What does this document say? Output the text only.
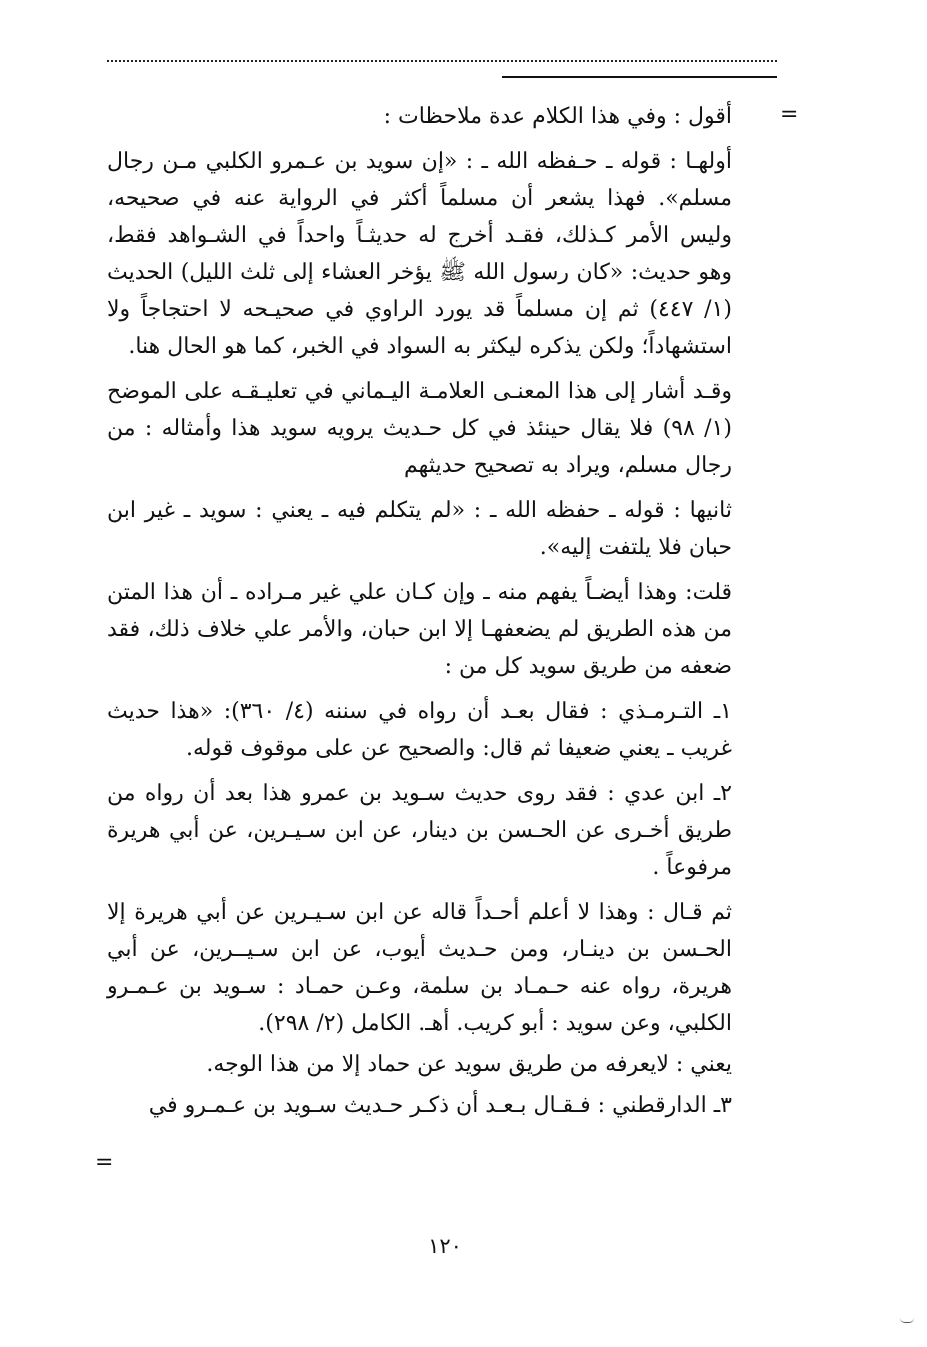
=

أقول : وفي هذا الكلام عدة ملاحظات :

أولهـا : قوله ـ حـفظه الله ـ : «إن سويد بن عـمرو الكلبي مـن رجال مسلم». فهذا يشعر أن مسلماً أكثر في الرواية عنه في صحيحه، وليس الأمر كـذلك، فقـد أخرج له حديثـاً واحداً في الشـواهد فقط، وهو حديث: «كان رسول الله ﷺ يؤخر العشاء إلى ثلث الليل) الحديث (١/ ٤٤٧) ثم إن مسلماً قد يورد الراوي في صحيـحه لا احتجاجاً ولا استشهاداً؛ ولكن يذكره ليكثر به السواد في الخبر، كما هو الحال هنا.

وقـد أشار إلى هذا المعنـى العلامـة اليـماني في تعليـقـه على الموضح (١/ ٩٨) فلا يقال حينئذ في كل حـديث يرويه سويد هذا وأمثاله : من رجال مسلم، ويراد به تصحيح حديثهم

ثانيها : قوله ـ حفظه الله ـ : «لم يتكلم فيه ـ يعني : سويد ـ غير ابن حبان فلا يلتفت إليه».

قلت: وهذا أيضـاً يفهم منه ـ وإن كـان علي غير مـراده ـ أن هذا المتن من هذه الطريق لم يضعفهـا إلا ابن حبان، والأمر علي خلاف ذلك، فقد ضعفه من طريق سويد كل من :

١ـ التـرمـذي : فقال بعـد أن رواه في سننه (٤/ ٣٦٠): «هذا حديث غريب ـ يعني ضعيفا ثم قال: والصحيح عن على موقوف قوله.

٢ـ ابن عدي : فقد روى حديث سـويد بن عمرو هذا بعد أن رواه من طريق أخـرى عن الحـسن بن دينار، عن ابن سـيـرين، عن أبي هريرة مرفوعاً .

ثم قـال : وهذا لا أعلم أحـداً قاله عن ابن سـيـرين عن أبي هريرة إلا الحـسن بن دينـار، ومن حـديث أيوب، عن ابن سـيــرين، عن أبي هريرة، رواه عنه حـمـاد بن سلمة، وعـن حمـاد : سـويد بن عـمـرو الكلبي، وعن سويد : أبو كريب. أهـ. الكامل (٢/ ٢٩٨).

يعني : لايعرفه من طريق سويد عن حماد إلا من هذا الوجه.

٣ـ الدارقطني : فـقـال بـعـد أن ذكـر حـديث سـويد بن عـمـرو في

=
١٢٠
